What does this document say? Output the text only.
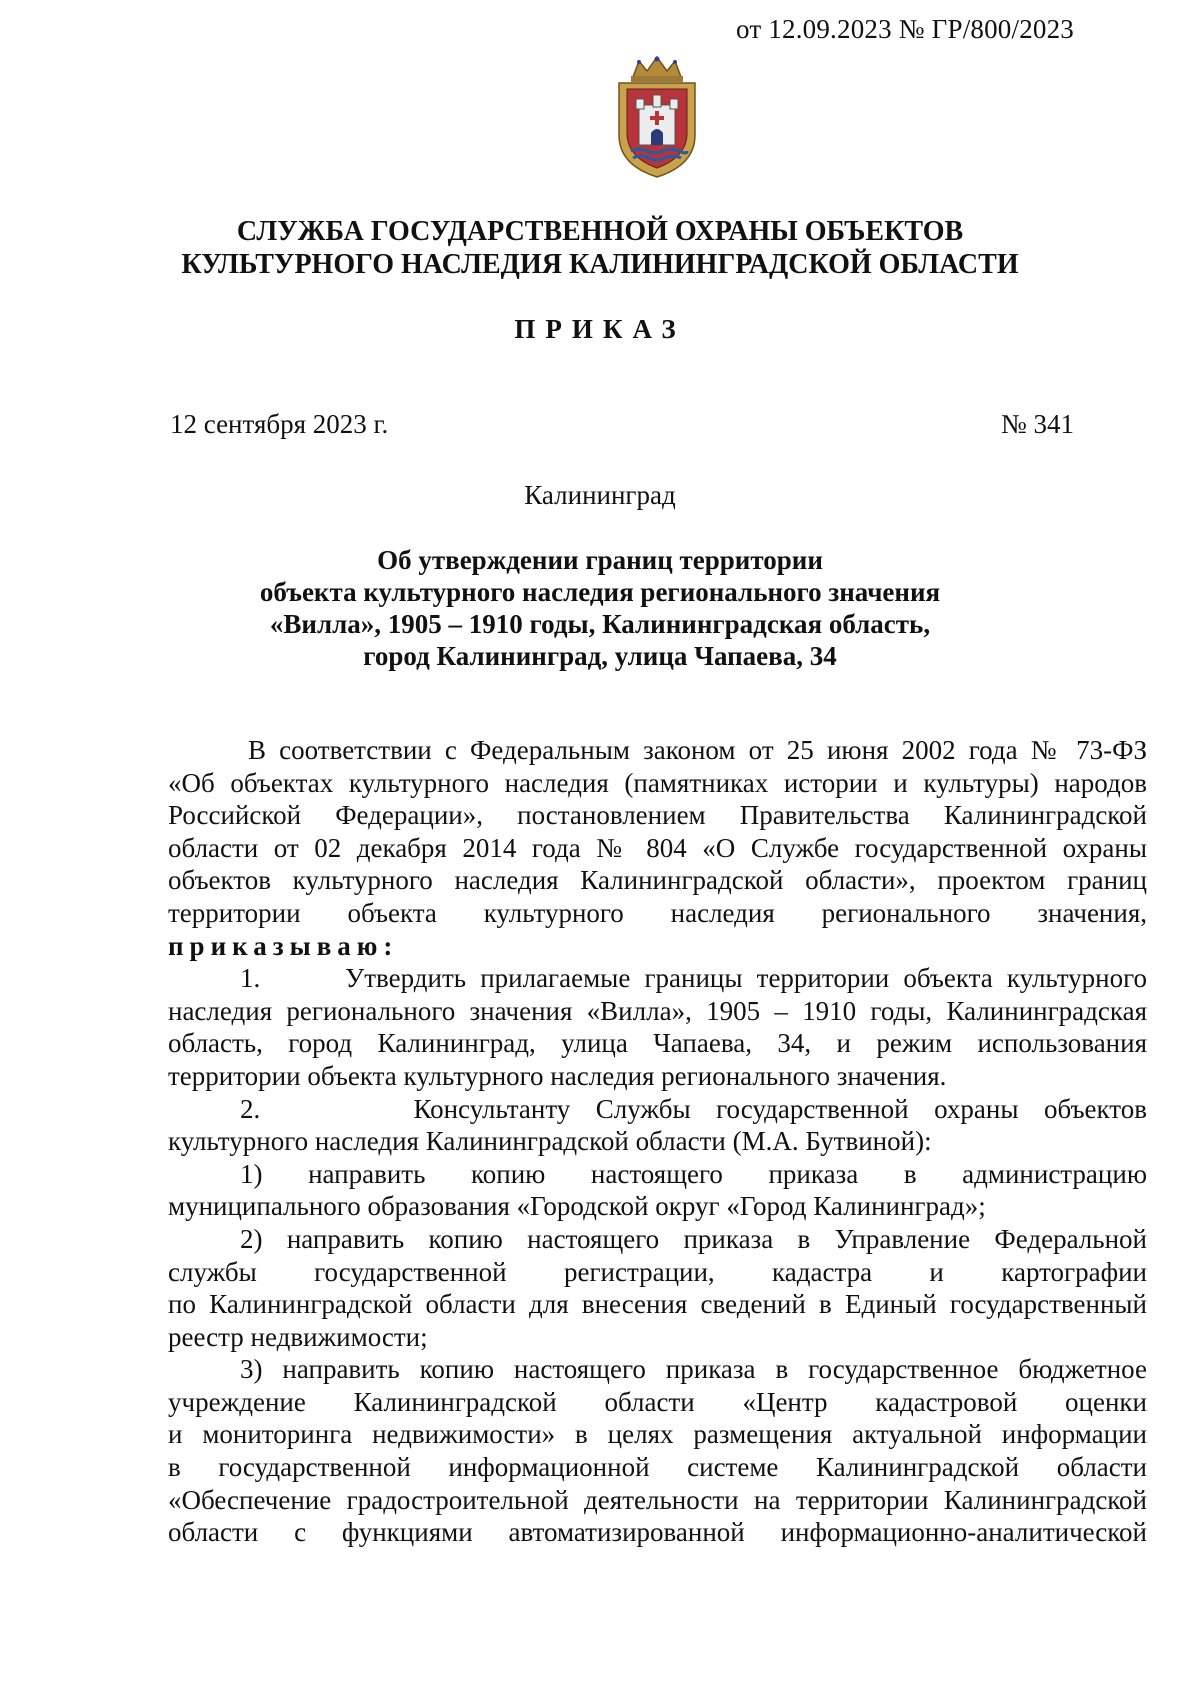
от 12.09.2023 № ГР/800/2023
СЛУЖБА ГОСУДАРСТВЕННОЙ ОХРАНЫ ОБЪЕКТОВ
КУЛЬТУРНОГО НАСЛЕДИЯ КАЛИНИНГРАДСКОЙ ОБЛАСТИ
ПРИКАЗ
12 сентября 2023 г.	№ 341
Калининград
Об утверждении границ территории
объекта культурного наследия регионального значения
«Вилла», 1905 – 1910 годы, Калининградская область,
город Калининград, улица Чапаева, 34
В соответствии с Федеральным законом от 25 июня 2002 года № 73-ФЗ
«Об объектах культурного наследия (памятниках истории и культуры) народов
Российской Федерации», постановлением Правительства Калининградской
области от 02 декабря 2014 года № 804 «О Службе государственной охраны
объектов культурного наследия Калининградской области», проектом границ
территории объекта культурного наследия регионального значения,
приказываю:
1.      Утвердить прилагаемые границы территории объекта культурного
наследия регионального значения «Вилла», 1905 – 1910 годы, Калининградская
область, город Калининград, улица Чапаева, 34, и режим использования
территории объекта культурного наследия регионального значения.
2.      Консультанту Службы государственной охраны объектов
культурного наследия Калининградской области (М.А. Бутвиной):
1) направить копию настоящего приказа в администрацию
муниципального образования «Городской округ «Город Калининград»;
2) направить копию настоящего приказа в Управление Федеральной
службы государственной регистрации, кадастра и картографии
по Калининградской области для внесения сведений в Единый государственный
реестр недвижимости;
3) направить копию настоящего приказа в государственное бюджетное
учреждение Калининградской области «Центр кадастровой оценки
и мониторинга недвижимости» в целях размещения актуальной информации
в государственной информационной системе Калининградской области
«Обеспечение градостроительной деятельности на территории Калининградской
области с функциями автоматизированной информационно-аналитической
